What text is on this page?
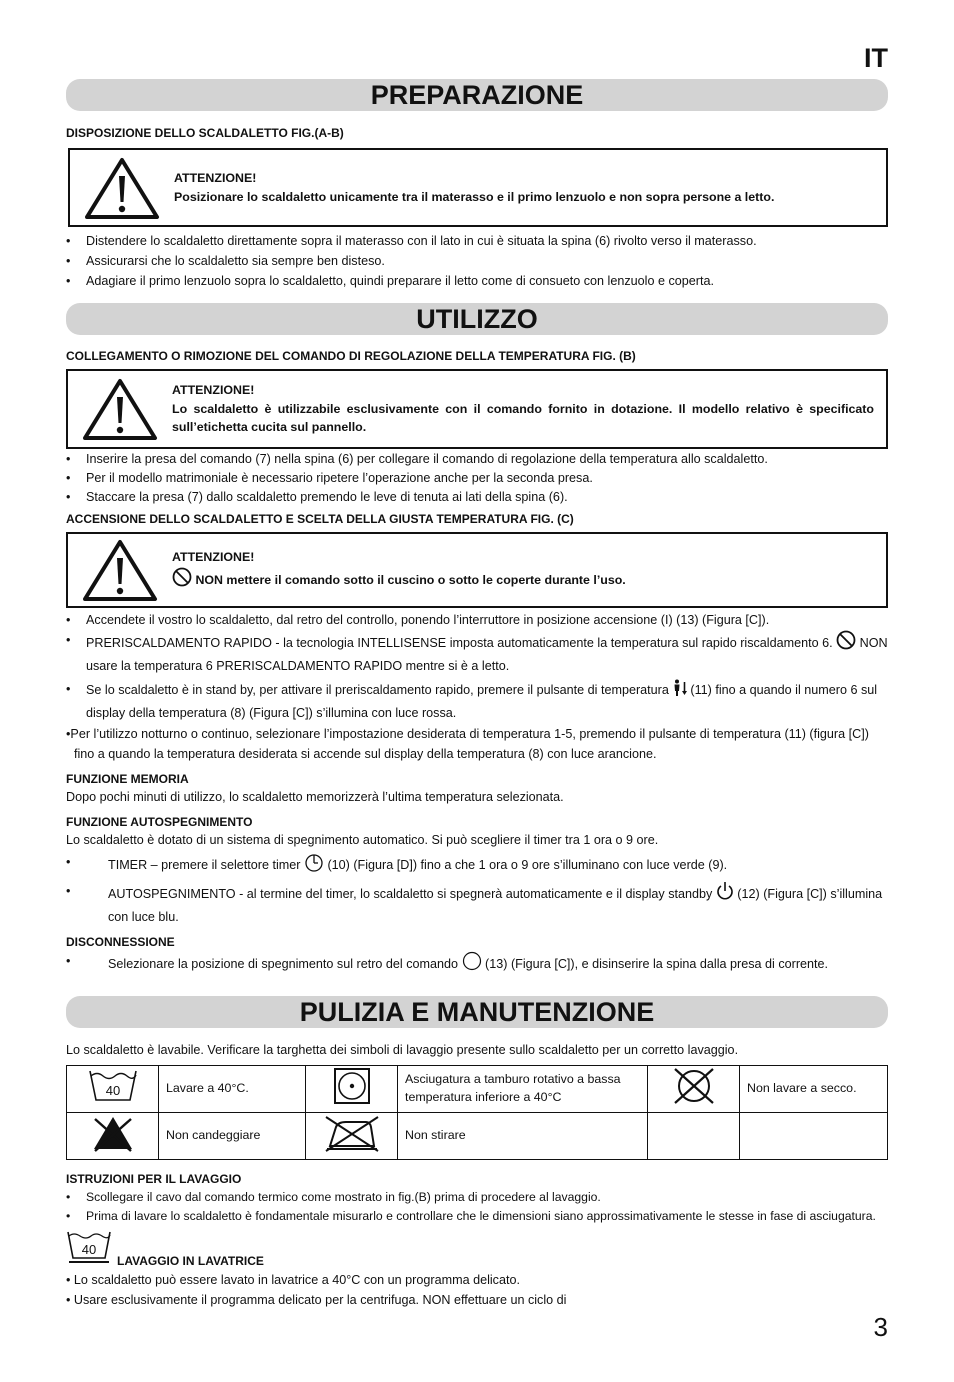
IT
PREPARAZIONE
DISPOSIZIONE DELLO SCALDALETTO FIG.(A-B)
ATTENZIONE!
Posizionare lo scaldaletto unicamente tra il materasso e il primo lenzuolo e non sopra persone a letto.
• Distendere lo scaldaletto direttamente sopra il materasso con il lato in cui è situata la spina (6) rivolto verso il materasso.
• Assicurarsi che lo scaldaletto sia sempre ben disteso.
• Adagiare il primo lenzuolo sopra lo scaldaletto, quindi preparare il letto come di consueto con lenzuolo e coperta.
UTILIZZO
COLLEGAMENTO O RIMOZIONE DEL COMANDO DI REGOLAZIONE DELLA TEMPERATURA FIG. (B)
ATTENZIONE!
Lo scaldaletto è utilizzabile esclusivamente con il comando fornito in dotazione. Il modello relativo è specificato sull’etichetta cucita sul pannello.
• Inserire la presa del comando (7) nella spina (6) per collegare il comando di regolazione della temperatura allo scaldaletto.
• Per il modello matrimoniale è necessario ripetere l’operazione anche per la seconda presa.
• Staccare la presa (7) dallo scaldaletto premendo le leve di tenuta ai lati della spina (6).
ACCENSIONE DELLO SCALDALETTO E SCELTA DELLA GIUSTA TEMPERATURA FIG. (C)
ATTENZIONE!
NON mettere il comando sotto il cuscino o sotto le coperte durante l’uso.
• Accendete il vostro lo scaldaletto, dal retro del controllo, ponendo l’interruttore in posizione accensione (I) (13) (Figura [C]).
• PRERISCALDAMENTO RAPIDO - la tecnologia INTELLISENSE imposta automaticamente la temperatura sul rapido riscaldamento 6. NON usare la temperatura 6 PRERISCALDAMENTO RAPIDO mentre si è a letto.
• Se lo scaldaletto è in stand by, per attivare il preriscaldamento rapido, premere il pulsante di temperatura (11) fino a quando il numero 6 sul display della temperatura (8) (Figura [C]) s’illumina con luce rossa.
• Per l’utilizzo notturno o continuo, selezionare l’impostazione desiderata di temperatura 1-5, premendo il pulsante di temperatura (11) (figura [C]) fino a quando la temperatura desiderata si accende sul display della temperatura (8) con luce arancione.
FUNZIONE MEMORIA
Dopo pochi minuti di utilizzo, lo scaldaletto memorizzerà l’ultima temperatura selezionata.
FUNZIONE AUTOSPEGNIMENTO
Lo scaldaletto è dotato di un sistema di spegnimento automatico. Si può scegliere il timer tra 1 ora o 9 ore.
• TIMER – premere il selettore timer (10) (Figura [D]) fino a che 1 ora o 9 ore s’illuminano con luce verde (9).
• AUTOSPEGNIMENTO - al termine del timer, lo scaldaletto si spegnerà automaticamente e il display standby (12) (Figura [C]) s’illumina con luce blu.
DISCONNESSIONE
• Selezionare la posizione di spegnimento sul retro del comando (13) (Figura [C]), e disinserire la spina dalla presa di corrente.
PULIZIA E MANUTENZIONE
Lo scaldaletto è lavabile. Verificare la targhetta dei simboli di lavaggio presente sullo scaldaletto per un corretto lavaggio.
40	Lavare a 40°C.		Asciugatura a tamburo rotativo a bassa temperatura inferiore a 40°C		Non lavare a secco.
	Non candeggiare		Non stirare		
ISTRUZIONI PER IL LAVAGGIO
• Scollegare il cavo dal comando termico come mostrato in fig.(B) prima di procedere al lavaggio.
• Prima di lavare lo scaldaletto è fondamentale misurarlo e controllare che le dimensioni siano approssimativamente le stesse in fase di asciugatura.
40
LAVAGGIO IN LAVATRICE
• Lo scaldaletto può essere lavato in lavatrice a 40°C con un programma delicato.
• Usare esclusivamente il programma delicato per la centrifuga. NON effettuare un ciclo di
3
